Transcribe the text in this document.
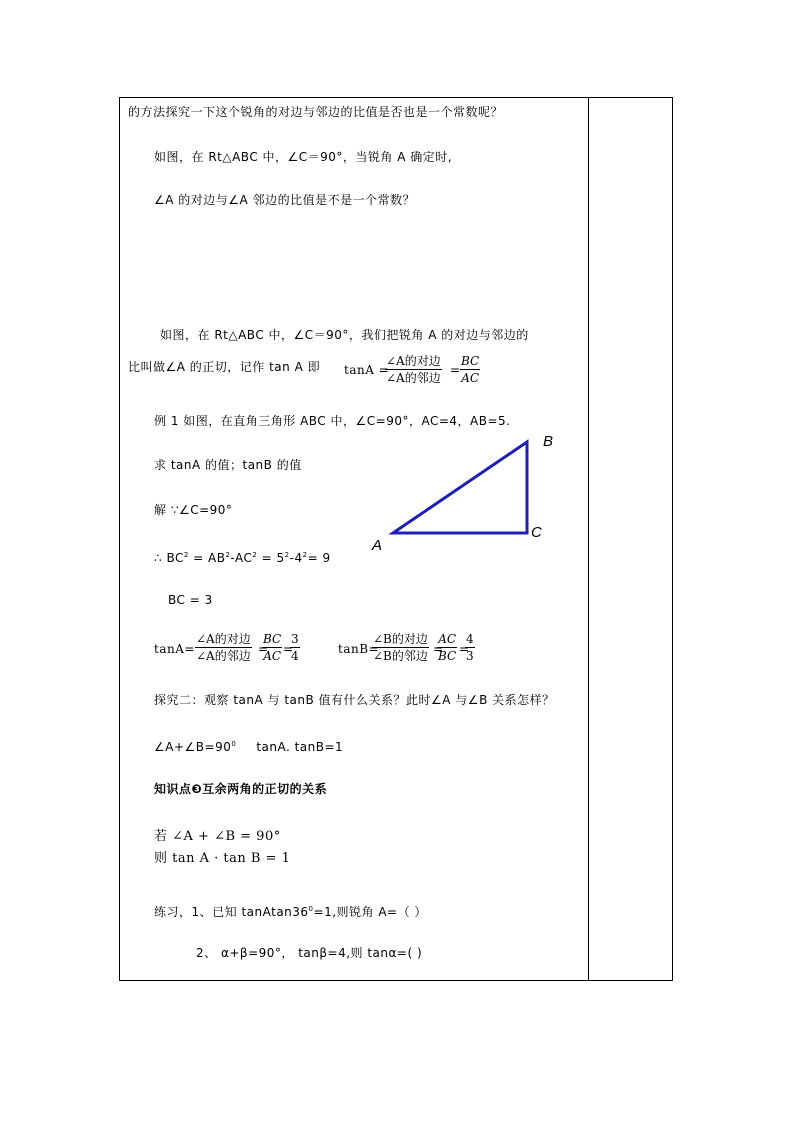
的方法探究一下这个锐角的对边与邻边的比值是否也是一个常数呢？
如图，在 Rt△ABC 中，∠C＝90°，当锐角 A 确定时,
∠A 的对边与∠A 邻边的比值是不是一个常数？
如图，在 Rt△ABC 中，∠C＝90°，我们把锐角 A 的对边与邻边的
比叫做∠A 的正切，记作 tan A 即 tanA =
∠A的对边
∠A的邻边
= $\frac{BC}{AC}$
例 1 如图，在直角三角形 ABC 中，∠C=90°，AC=4，AB=5.
求 tanA 的值；tanB 的值
解 ∵∠C=90°
∴ $BC^2 = AB^2-AC^2 = 5^2-4^2= 9$
BC = 3
tanA=
∠A的对边
∠A的邻边 =
$\frac{BC}{AC}$ =
$\frac{3}{4}$	tanB=
∠B的对边
∠B的邻边 =
$\frac{AC}{BC}$ =
$\frac{4}{3}$
探究二：观察 tanA 与 tanB 值有什么关系？此时∠A 与∠B 关系怎样？
$\angle A+\angle B=90^0$ tanA. tanB=1
知识点❸互余两角的正切的关系
若 ∠A + ∠B = 90°
则 tan A · tan B = 1
练习，1、已知 $tanAtan36^0=1$,则锐角 A=（ ）
2、 α+β=90°， tanβ=4,则 tanα=( )
B
C
A
